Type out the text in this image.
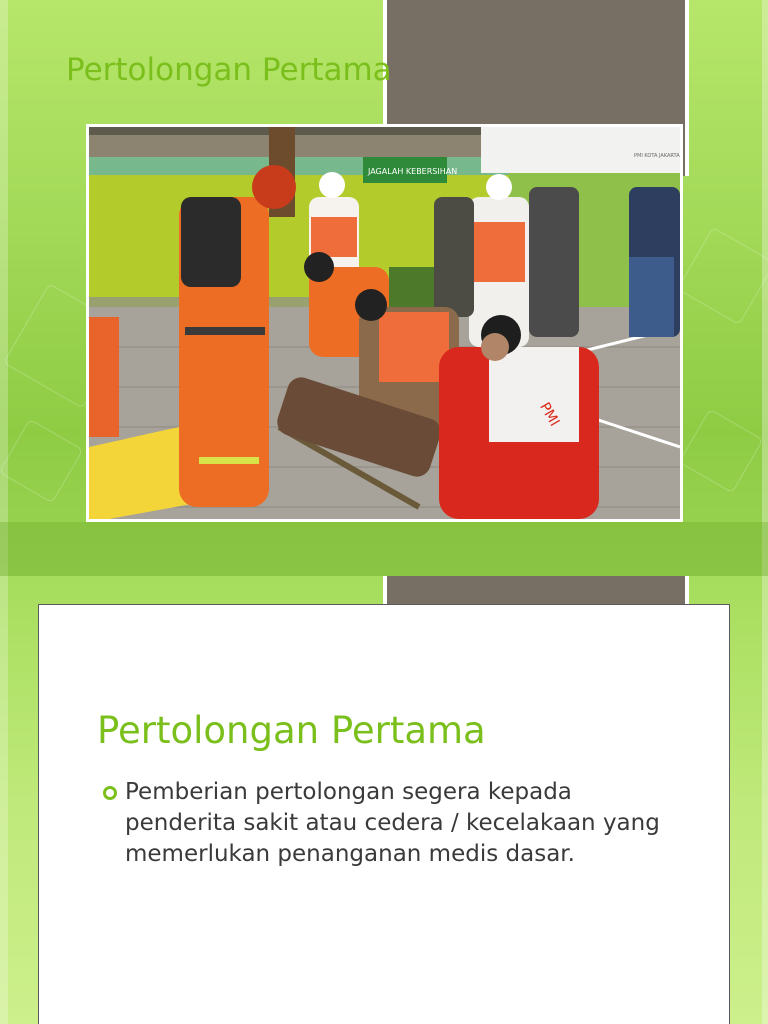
Pertolongan Pertama
PMI KOTA JAKARTA
JAGALAH KEBERSIHAN
PMI
Pertolongan Pertama
Pemberian pertolongan segera kepada penderita sakit atau cedera / kecelakaan yang memerlukan penanganan medis dasar.
